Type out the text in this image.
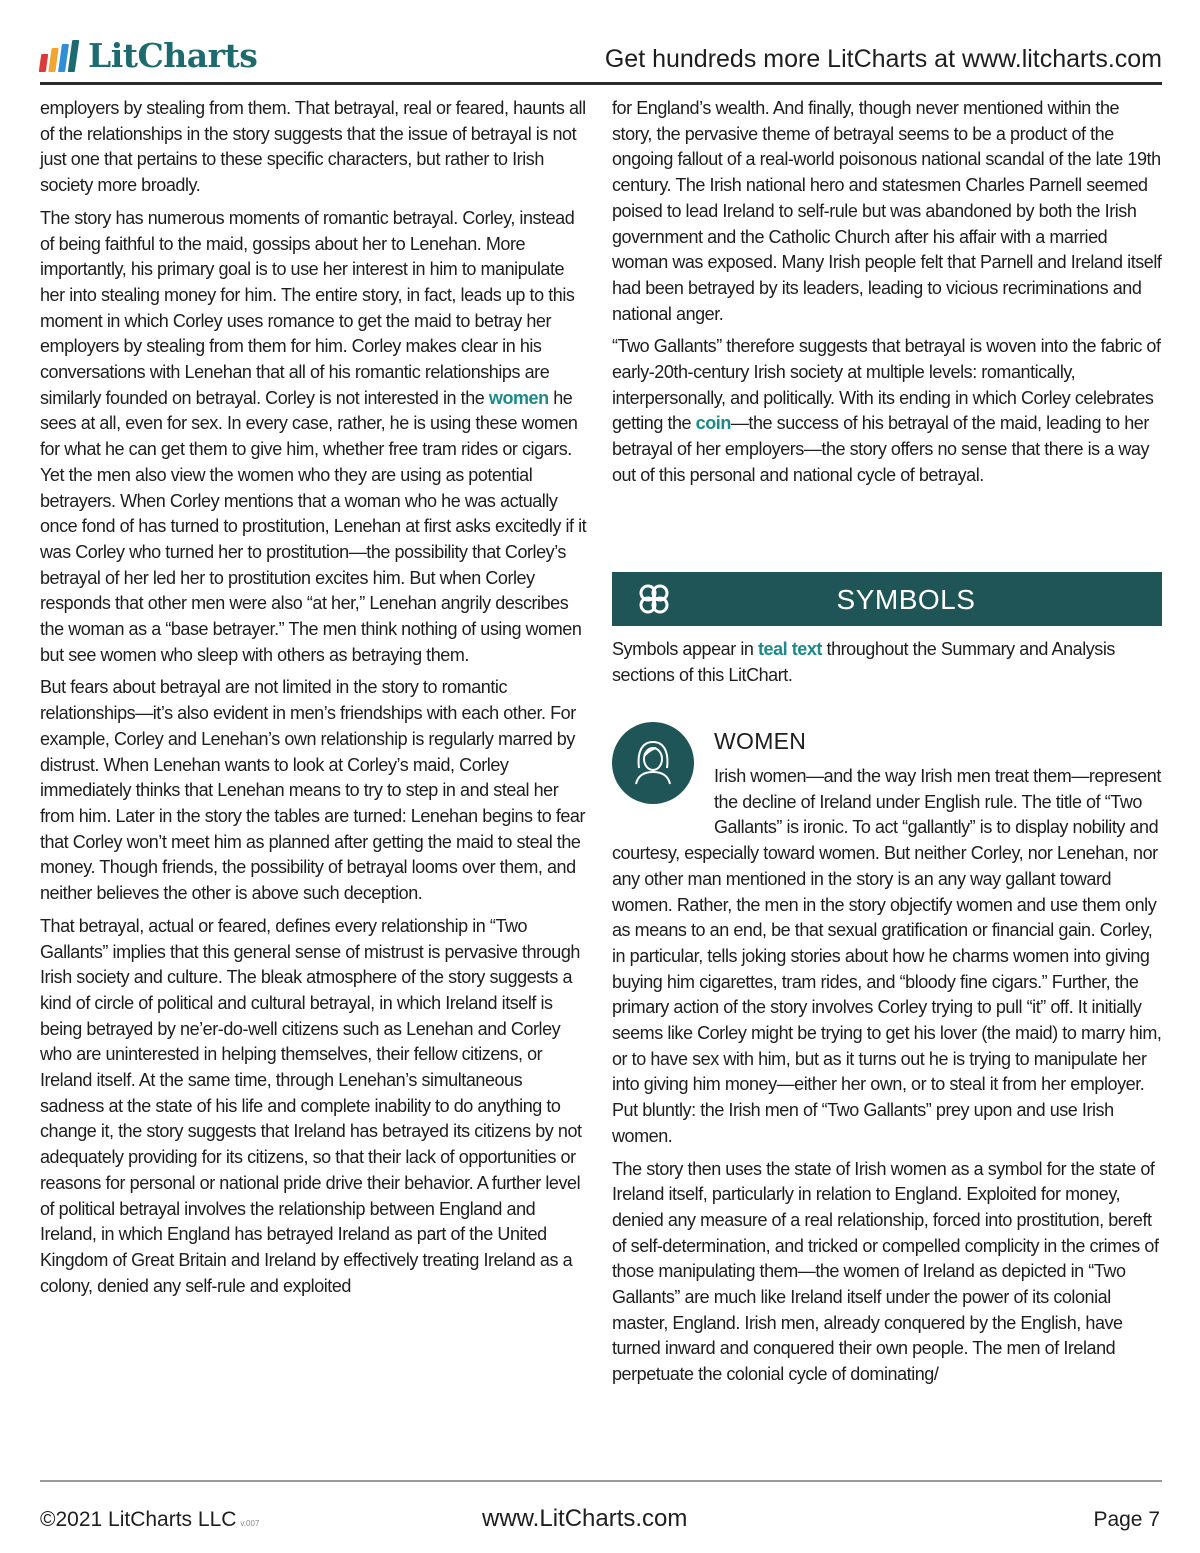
LitCharts	Get hundreds more LitCharts at www.litcharts.com

employers by stealing from them. That betrayal, real or feared, haunts all of the relationships in the story suggests that the issue of betrayal is not just one that pertains to these specific characters, but rather to Irish society more broadly.

The story has numerous moments of romantic betrayal. Corley, instead of being faithful to the maid, gossips about her to Lenehan. More importantly, his primary goal is to use her interest in him to manipulate her into stealing money for him. The entire story, in fact, leads up to this moment in which Corley uses romance to get the maid to betray her employers by stealing from them for him. Corley makes clear in his conversations with Lenehan that all of his romantic relationships are similarly founded on betrayal. Corley is not interested in the women he sees at all, even for sex. In every case, rather, he is using these women for what he can get them to give him, whether free tram rides or cigars. Yet the men also view the women who they are using as potential betrayers. When Corley mentions that a woman who he was actually once fond of has turned to prostitution, Lenehan at first asks excitedly if it was Corley who turned her to prostitution—the possibility that Corley’s betrayal of her led her to prostitution excites him. But when Corley responds that other men were also “at her,” Lenehan angrily describes the woman as a “base betrayer.” The men think nothing of using women but see women who sleep with others as betraying them.

But fears about betrayal are not limited in the story to romantic relationships—it’s also evident in men’s friendships with each other. For example, Corley and Lenehan’s own relationship is regularly marred by distrust. When Lenehan wants to look at Corley’s maid, Corley immediately thinks that Lenehan means to try to step in and steal her from him. Later in the story the tables are turned: Lenehan begins to fear that Corley won’t meet him as planned after getting the maid to steal the money. Though friends, the possibility of betrayal looms over them, and neither believes the other is above such deception.

That betrayal, actual or feared, defines every relationship in “Two Gallants” implies that this general sense of mistrust is pervasive through Irish society and culture. The bleak atmosphere of the story suggests a kind of circle of political and cultural betrayal, in which Ireland itself is being betrayed by ne’er-do-well citizens such as Lenehan and Corley who are uninterested in helping themselves, their fellow citizens, or Ireland itself. At the same time, through Lenehan’s simultaneous sadness at the state of his life and complete inability to do anything to change it, the story suggests that Ireland has betrayed its citizens by not adequately providing for its citizens, so that their lack of opportunities or reasons for personal or national pride drive their behavior. A further level of political betrayal involves the relationship between England and Ireland, in which England has betrayed Ireland as part of the United Kingdom of Great Britain and Ireland by effectively treating Ireland as a colony, denied any self-rule and exploited

for England’s wealth. And finally, though never mentioned within the story, the pervasive theme of betrayal seems to be a product of the ongoing fallout of a real-world poisonous national scandal of the late 19th century. The Irish national hero and statesmen Charles Parnell seemed poised to lead Ireland to self-rule but was abandoned by both the Irish government and the Catholic Church after his affair with a married woman was exposed. Many Irish people felt that Parnell and Ireland itself had been betrayed by its leaders, leading to vicious recriminations and national anger.

“Two Gallants” therefore suggests that betrayal is woven into the fabric of early-20th-century Irish society at multiple levels: romantically, interpersonally, and politically. With its ending in which Corley celebrates getting the coin—the success of his betrayal of the maid, leading to her betrayal of her employers—the story offers no sense that there is a way out of this personal and national cycle of betrayal.

SYMBOLS

Symbols appear in teal text throughout the Summary and Analysis sections of this LitChart.

WOMEN

Irish women—and the way Irish men treat them—represent the decline of Ireland under English rule. The title of “Two Gallants” is ironic. To act “gallantly” is to display nobility and courtesy, especially toward women. But neither Corley, nor Lenehan, nor any other man mentioned in the story is an any way gallant toward women. Rather, the men in the story objectify women and use them only as means to an end, be that sexual gratification or financial gain. Corley, in particular, tells joking stories about how he charms women into giving buying him cigarettes, tram rides, and “bloody fine cigars.” Further, the primary action of the story involves Corley trying to pull “it” off. It initially seems like Corley might be trying to get his lover (the maid) to marry him, or to have sex with him, but as it turns out he is trying to manipulate her into giving him money—either her own, or to steal it from her employer. Put bluntly: the Irish men of “Two Gallants” prey upon and use Irish women.

The story then uses the state of Irish women as a symbol for the state of Ireland itself, particularly in relation to England. Exploited for money, denied any measure of a real relationship, forced into prostitution, bereft of self-determination, and tricked or compelled complicity in the crimes of those manipulating them—the women of Ireland as depicted in “Two Gallants” are much like Ireland itself under the power of its colonial master, England. Irish men, already conquered by the English, have turned inward and conquered their own people. The men of Ireland perpetuate the colonial cycle of dominating/

©2021 LitCharts LLC v.007	www.LitCharts.com	Page 7
